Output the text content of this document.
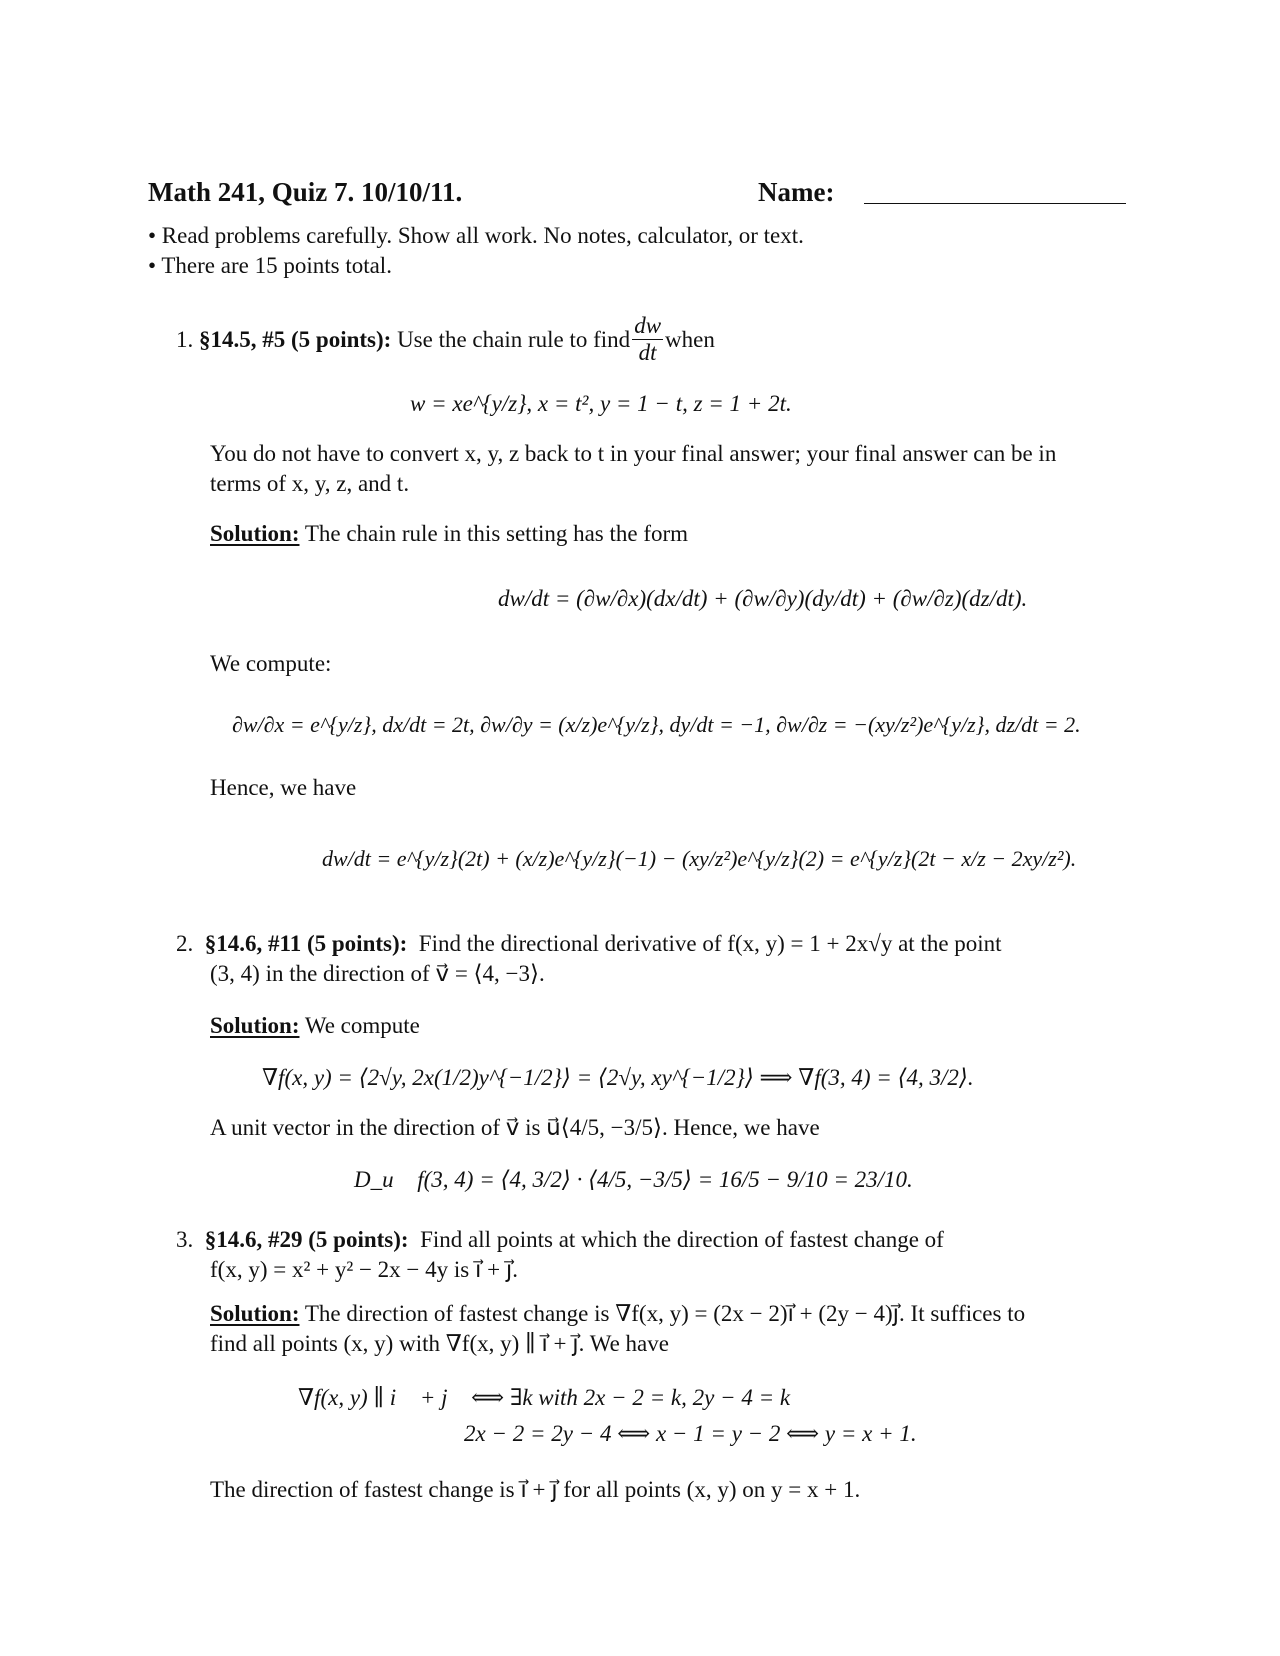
Math 241, Quiz 7. 10/10/11.	Name:
• Read problems carefully. Show all work. No notes, calculator, or text.
• There are 15 points total.
1.
§14.5, #5 (5 points):
Use the chain rule to find $\frac{dw}{dt}$ when
w = xe^{y/z}, x = t², y = 1 − t, z = 1 + 2t.
You do not have to convert x, y, z back to t in your final answer; your final answer can be in
terms of x, y, z, and t.
Solution: The chain rule in this setting has the form
dw/dt = (∂w/∂x)(dx/dt) + (∂w/∂y)(dy/dt) + (∂w/∂z)(dz/dt).
We compute:
∂w/∂x = e^{y/z}, dx/dt = 2t, ∂w/∂y = (x/z)e^{y/z}, dy/dt = −1, ∂w/∂z = −(xy/z²)e^{y/z}, dz/dt = 2.
Hence, we have
dw/dt = e^{y/z}(2t) + (x/z)e^{y/z}(−1) − (xy/z²)e^{y/z}(2) = e^{y/z}(2t − x/z − 2xy/z²).
2. §14.6, #11 (5 points): Find the directional derivative of f(x, y) = 1 + 2x√y at the point
(3, 4) in the direction of v⃗ = ⟨4, −3⟩.
Solution: We compute
∇f(x, y) = ⟨2√y, 2x(1/2)y^{−1/2}⟩ = ⟨2√y, xy^{−1/2}⟩ ⟹ ∇f(3, 4) = ⟨4, 3/2⟩.
A unit vector in the direction of v⃗ is u⃗⟨4/5, −3/5⟩. Hence, we have
D_u⃗ f(3, 4) = ⟨4, 3/2⟩ · ⟨4/5, −3/5⟩ = 16/5 − 9/10 = 23/10.
3. §14.6, #29 (5 points): Find all points at which the direction of fastest change of
f(x, y) = x² + y² − 2x − 4y is i⃗ + j⃗.
Solution: The direction of fastest change is ∇f(x, y) = (2x − 2)i⃗ + (2y − 4)j⃗. It suffices to
find all points (x, y) with ∇f(x, y) ∥ i⃗ + j⃗. We have
∇f(x, y) ∥ i⃗ + j⃗ ⟺ ∃k with 2x − 2 = k, 2y − 4 = k
2x − 2 = 2y − 4 ⟺ x − 1 = y − 2 ⟺ y = x + 1.
The direction of fastest change is i⃗ + j⃗ for all points (x, y) on y = x + 1.
